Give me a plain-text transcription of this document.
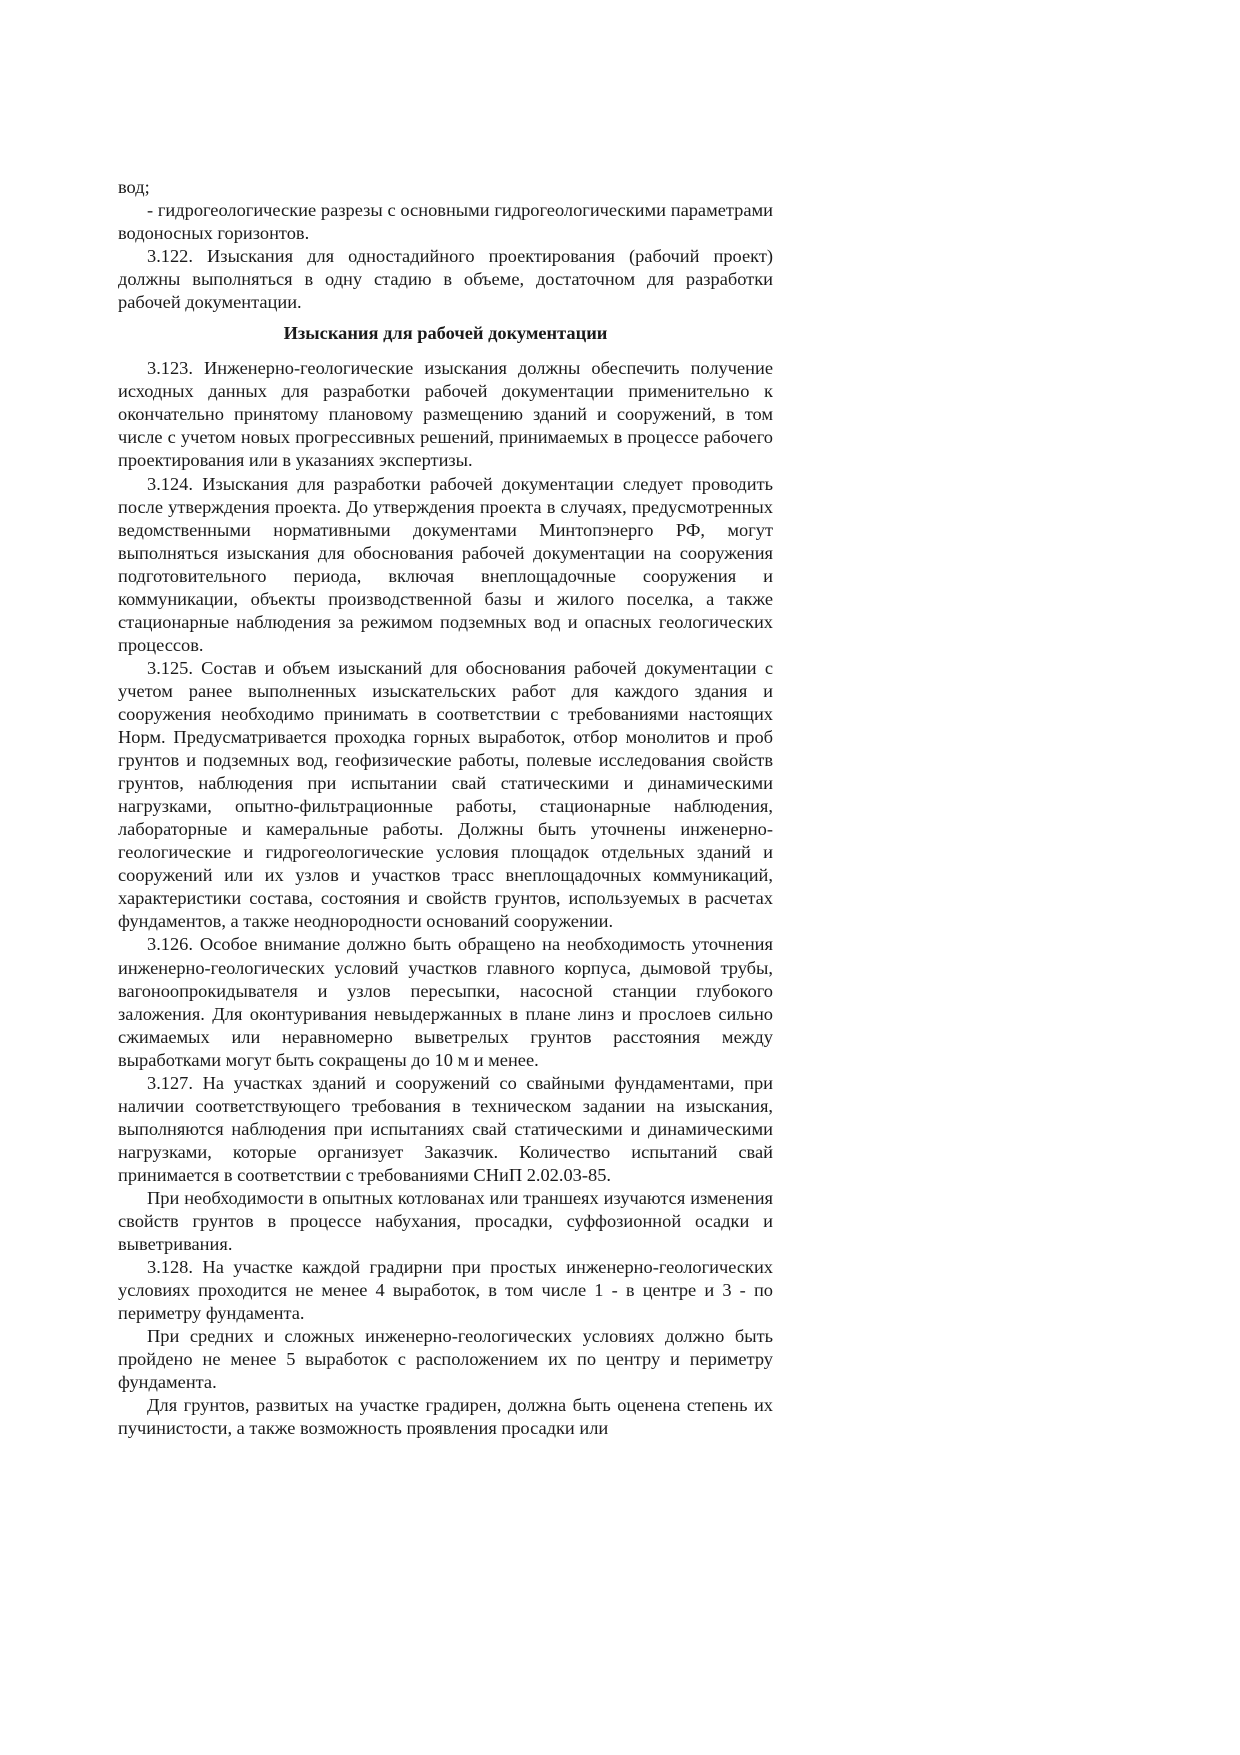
вод;

- гидрогеологические разрезы с основными гидрогеологическими параметрами водоносных горизонтов.

3.122. Изыскания для одностадийного проектирования (рабочий проект) должны выполняться в одну стадию в объеме, достаточном для разработки рабочей документации.

Изыскания для рабочей документации

3.123. Инженерно-геологические изыскания должны обеспечить получение исходных данных для разработки рабочей документации применительно к окончательно принятому плановому размещению зданий и сооружений, в том числе с учетом новых прогрессивных решений, принимаемых в процессе рабочего проектирования или в указаниях экспертизы.

3.124. Изыскания для разработки рабочей документации следует проводить после утверждения проекта. До утверждения проекта в случаях, предусмотренных ведомственными нормативными документами Минтопэнерго РФ, могут выполняться изыскания для обоснования рабочей документации на сооружения подготовительного периода, включая внеплощадочные сооружения и коммуникации, объекты производственной базы и жилого поселка, а также стационарные наблюдения за режимом подземных вод и опасных геологических процессов.

3.125. Состав и объем изысканий для обоснования рабочей документации с учетом ранее выполненных изыскательских работ для каждого здания и сооружения необходимо принимать в соответствии с требованиями настоящих Норм. Предусматривается проходка горных выработок, отбор монолитов и проб грунтов и подземных вод, геофизические работы, полевые исследования свойств грунтов, наблюдения при испытании свай статическими и динамическими нагрузками, опытно-фильтрационные работы, стационарные наблюдения, лабораторные и камеральные работы. Должны быть уточнены инженерно-геологические и гидрогеологические условия площадок отдельных зданий и сооружений или их узлов и участков трасс внеплощадочных коммуникаций, характеристики состава, состояния и свойств грунтов, используемых в расчетах фундаментов, а также неоднородности оснований сооружении.

3.126. Особое внимание должно быть обращено на необходимость уточнения инженерно-геологических условий участков главного корпуса, дымовой трубы, вагоноопрокидывателя и узлов пересыпки, насосной станции глубокого заложения. Для оконтуривания невыдержанных в плане линз и прослоев сильно сжимаемых или неравномерно выветрелых грунтов расстояния между выработками могут быть сокращены до 10 м и менее.

3.127. На участках зданий и сооружений со свайными фундаментами, при наличии соответствующего требования в техническом задании на изыскания, выполняются наблюдения при испытаниях свай статическими и динамическими нагрузками, которые организует Заказчик. Количество испытаний свай принимается в соответствии с требованиями СНиП 2.02.03-85.

При необходимости в опытных котлованах или траншеях изучаются изменения свойств грунтов в процессе набухания, просадки, суффозионной осадки и выветривания.

3.128. На участке каждой градирни при простых инженерно-геологических условиях проходится не менее 4 выработок, в том числе 1 - в центре и 3 - по периметру фундамента.

При средних и сложных инженерно-геологических условиях должно быть пройдено не менее 5 выработок с расположением их по центру и периметру фундамента.

Для грунтов, развитых на участке градирен, должна быть оценена степень их пучинистости, а также возможность проявления просадки или
